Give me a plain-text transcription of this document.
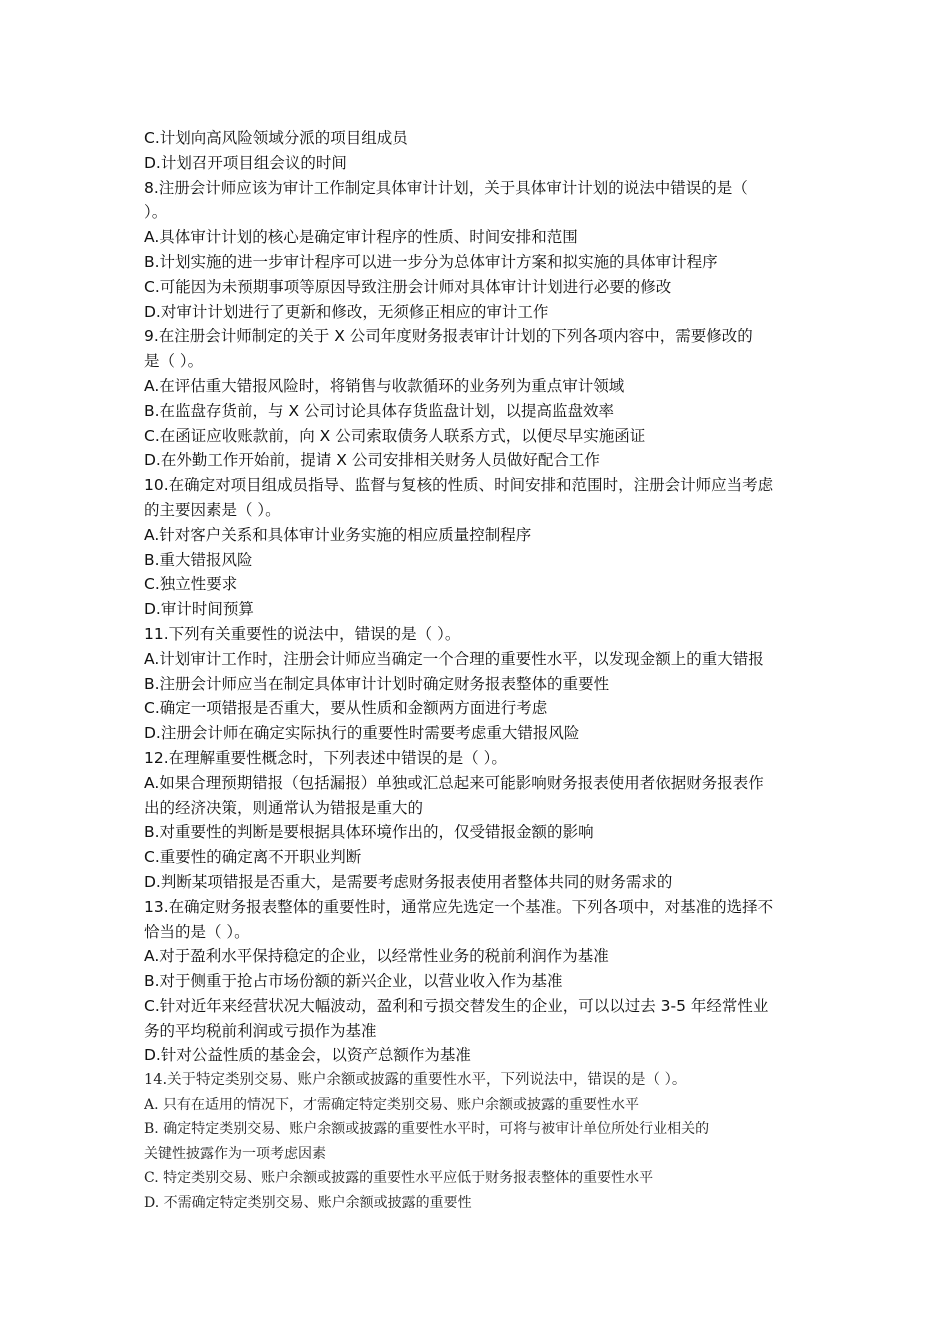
C.计划向高风险领域分派的项目组成员
D.计划召开项目组会议的时间
8.注册会计师应该为审计工作制定具体审计计划，关于具体审计计划的说法中错误的是（
）。
A.具体审计计划的核心是确定审计程序的性质、时间安排和范围
B.计划实施的进一步审计程序可以进一步分为总体审计方案和拟实施的具体审计程序
C.可能因为未预期事项等原因导致注册会计师对具体审计计划进行必要的修改
D.对审计计划进行了更新和修改，无须修正相应的审计工作
9.在注册会计师制定的关于 X 公司年度财务报表审计计划的下列各项内容中，需要修改的
是（ ）。
A.在评估重大错报风险时，将销售与收款循环的业务列为重点审计领域
B.在监盘存货前，与 X 公司讨论具体存货监盘计划，以提高监盘效率
C.在函证应收账款前，向 X 公司索取债务人联系方式，以便尽早实施函证
D.在外勤工作开始前，提请 X 公司安排相关财务人员做好配合工作
10.在确定对项目组成员指导、监督与复核的性质、时间安排和范围时，注册会计师应当考虑
的主要因素是（ ）。
A.针对客户关系和具体审计业务实施的相应质量控制程序
B.重大错报风险
C.独立性要求
D.审计时间预算
11.下列有关重要性的说法中，错误的是（ ）。
A.计划审计工作时，注册会计师应当确定一个合理的重要性水平，以发现金额上的重大错报
B.注册会计师应当在制定具体审计计划时确定财务报表整体的重要性
C.确定一项错报是否重大，要从性质和金额两方面进行考虑
D.注册会计师在确定实际执行的重要性时需要考虑重大错报风险
12.在理解重要性概念时，下列表述中错误的是（ ）。
A.如果合理预期错报（包括漏报）单独或汇总起来可能影响财务报表使用者依据财务报表作
出的经济决策，则通常认为错报是重大的
B.对重要性的判断是要根据具体环境作出的，仅受错报金额的影响
C.重要性的确定离不开职业判断
D.判断某项错报是否重大，是需要考虑财务报表使用者整体共同的财务需求的
13.在确定财务报表整体的重要性时，通常应先选定一个基准。下列各项中，对基准的选择不
恰当的是（ ）。
A.对于盈利水平保持稳定的企业，以经常性业务的税前利润作为基准
B.对于侧重于抢占市场份额的新兴企业，以营业收入作为基准
C.针对近年来经营状况大幅波动，盈利和亏损交替发生的企业，可以以过去 3-5 年经常性业
务的平均税前利润或亏损作为基准
D.针对公益性质的基金会，以资产总额作为基准
14.关于特定类别交易、账户余额或披露的重要性水平，下列说法中，错误的是（ ）。
A. 只有在适用的情况下，才需确定特定类别交易、账户余额或披露的重要性水平
B. 确定特定类别交易、账户余额或披露的重要性水平时，可将与被审计单位所处行业相关的
关键性披露作为一项考虑因素
C. 特定类别交易、账户余额或披露的重要性水平应低于财务报表整体的重要性水平
D. 不需确定特定类别交易、账户余额或披露的重要性
